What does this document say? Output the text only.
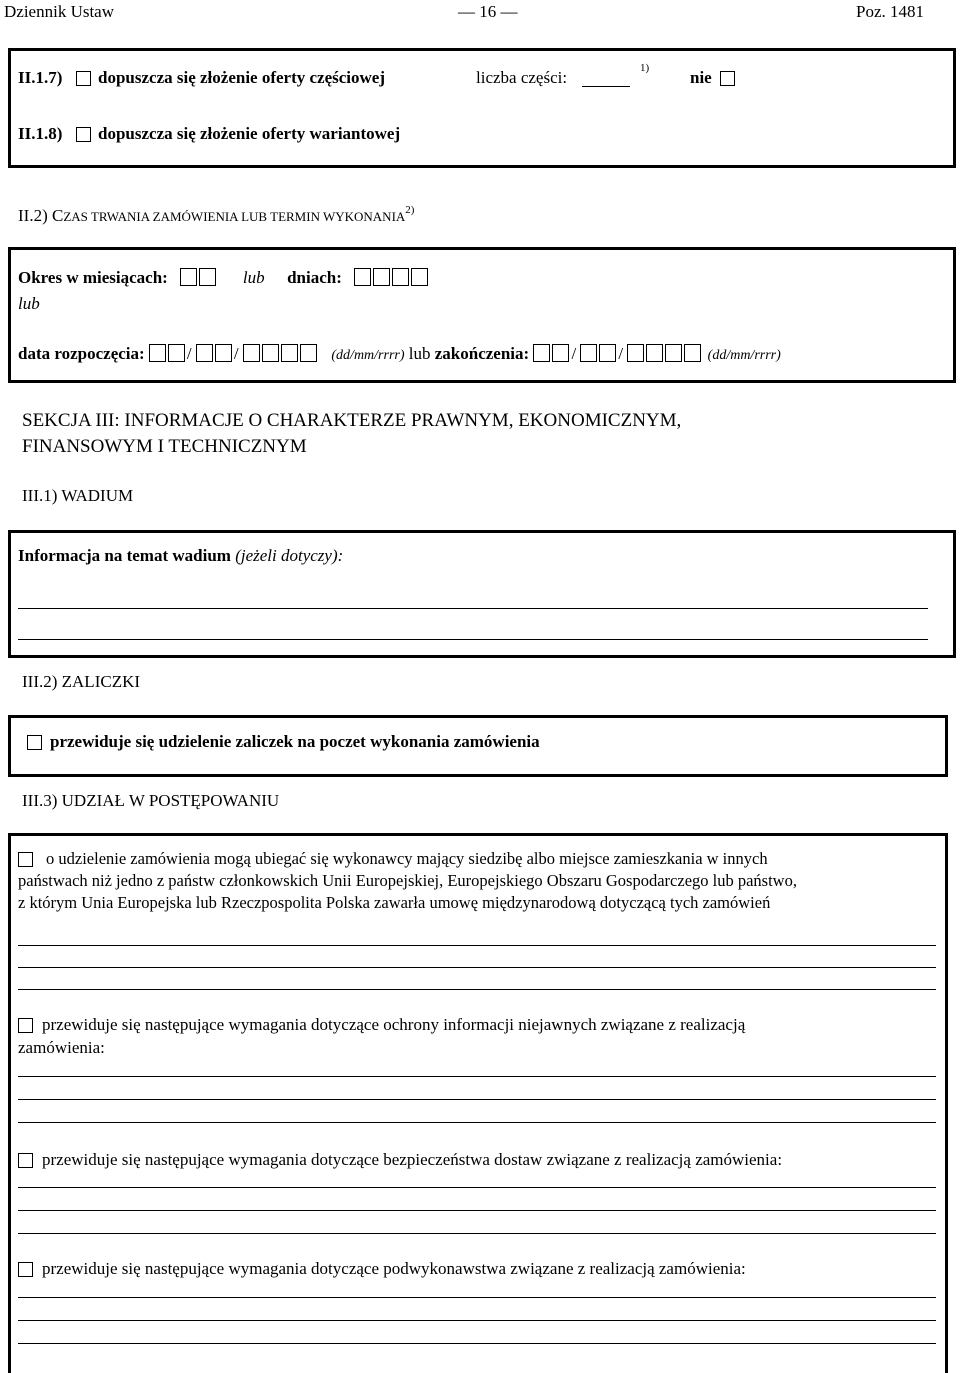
Dziennik Ustaw	— 16 —	Poz. 1481
II.1.7) dopuszcza się złożenie oferty częściowej	liczba części:	1) nie
II.1.8) dopuszcza się złożenie oferty wariantowej
II.2) CZAS TRWANIA ZAMÓWIENIA LUB TERMIN WYKONANIA$^{2)}$
Okres w miesiącach:	lub dniach:
lub
data rozpoczęcia: / /	(dd/mm/rrrr) lub zakończenia: / /	(dd/mm/rrrr)
SEKCJA III: INFORMACJE O CHARAKTERZE PRAWNYM, EKONOMICZNYM,
FINANSOWYM I TECHNICZNYM
III.1) WADIUM
Informacja na temat wadium (jeżeli dotyczy):
III.2) ZALICZKI
przewiduje się udzielenie zaliczek na poczet wykonania zamówienia
III.3) UDZIAŁ W POSTĘPOWANIU
o udzielenie zamówienia mogą ubiegać się wykonawcy mający siedzibę albo miejsce zamieszkania w innych
państwach niż jedno z państw członkowskich Unii Europejskiej, Europejskiego Obszaru Gospodarczego lub państwo,
z którym Unia Europejska lub Rzeczpospolita Polska zawarła umowę międzynarodową dotyczącą tych zamówień
przewiduje się następujące wymagania dotyczące ochrony informacji niejawnych związane z realizacją
zamówienia:
przewiduje się następujące wymagania dotyczące bezpieczeństwa dostaw związane z realizacją zamówienia:
przewiduje się następujące wymagania dotyczące podwykonawstwa związane z realizacją zamówienia:
